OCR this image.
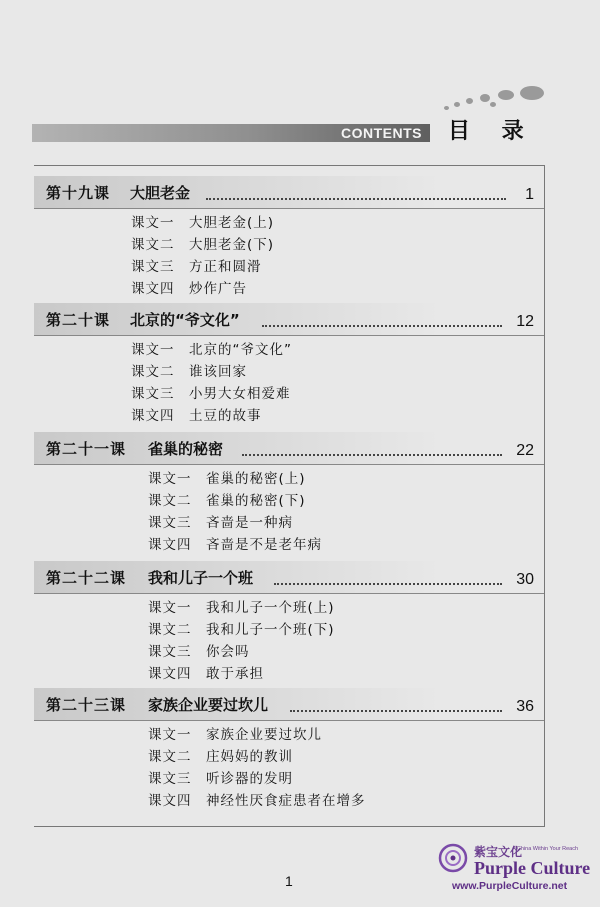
CONTENTS 目 录
第十九课 大胆老金	1
课文一 大胆老金(上)
课文二 大胆老金(下)
课文三 方正和圆滑
课文四 炒作广告
第二十课 北京的“爷文化”	12
课文一 北京的“爷文化”
课文二 谁该回家
课文三 小男大女相爱难
课文四 土豆的故事
第二十一课 雀巢的秘密	22
课文一 雀巢的秘密(上)
课文二 雀巢的秘密(下)
课文三 吝啬是一种病
课文四 吝啬是不是老年病
第二十二课 我和儿子一个班	30
课文一 我和儿子一个班(上)
课文二 我和儿子一个班(下)
课文三 你会吗
课文四 敢于承担
第二十三课 家族企业要过坎儿	36
课文一 家族企业要过坎儿
课文二 庄妈妈的教训
课文三 听诊器的发明
课文四 神经性厌食症患者在增多
1
紫宝文化
A China Within Your Reach
Purple Culture
www.PurpleCulture.net
